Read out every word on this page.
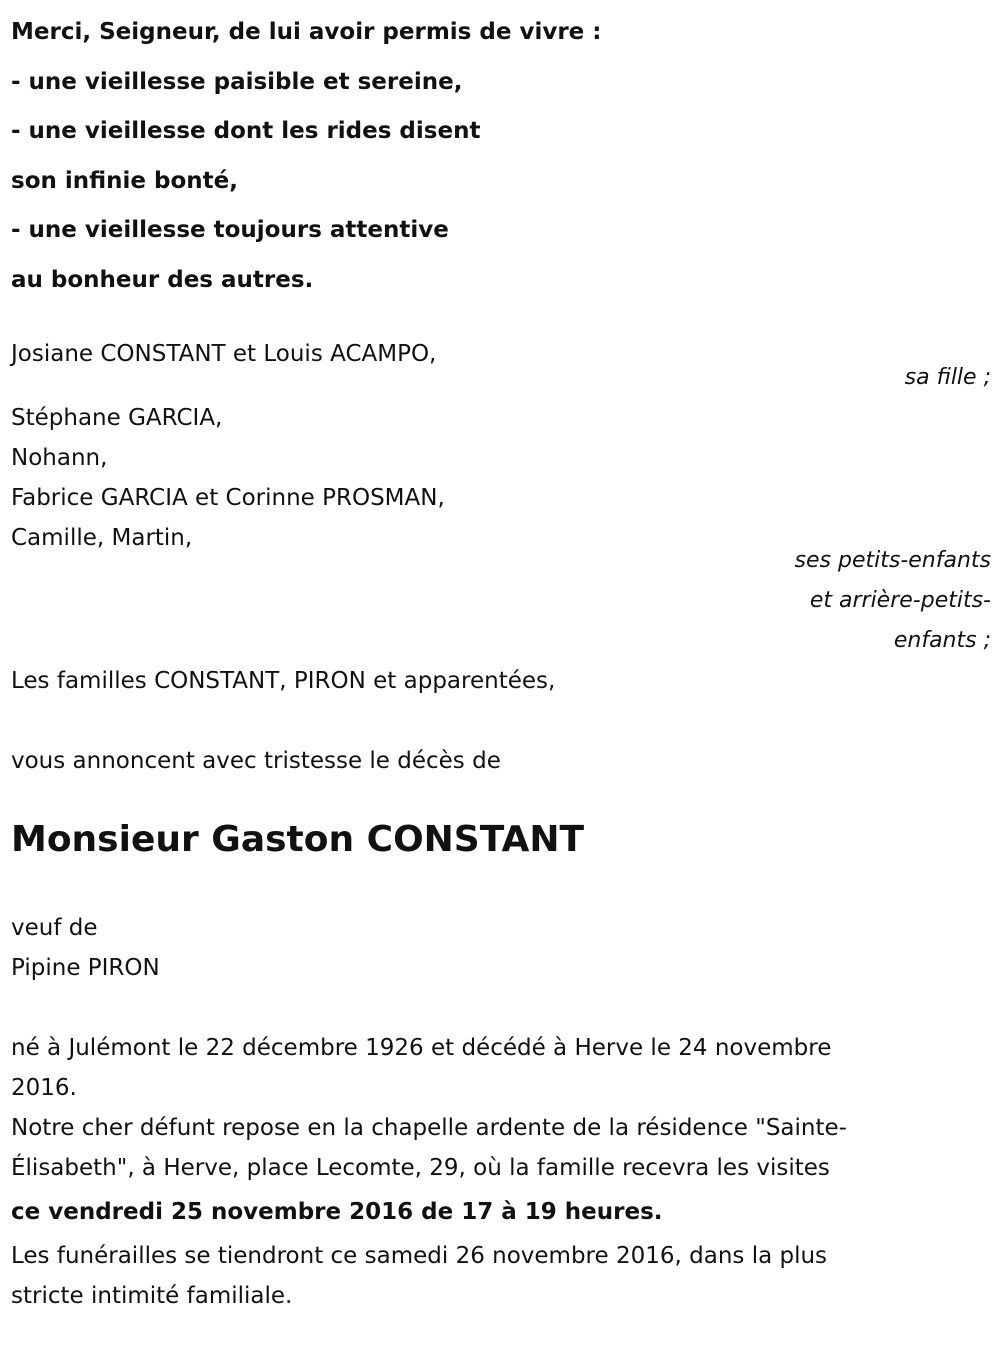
Merci, Seigneur, de lui avoir permis de vivre :

- une vieillesse paisible et sereine,

- une vieillesse dont les rides disent

son infinie bonté,

- une vieillesse toujours attentive

au bonheur des autres.

Josiane CONSTANT et Louis ACAMPO,

sa fille ;

Stéphane GARCIA,

Nohann,

Fabrice GARCIA et Corinne PROSMAN,

Camille, Martin,

ses petits-enfants

et arrière-petits-

enfants ;

Les familles CONSTANT, PIRON et apparentées,

vous annoncent avec tristesse le décès de

Monsieur Gaston CONSTANT

veuf de

Pipine PIRON

né à Julémont le 22 décembre 1926 et décédé à Herve le 24 novembre

2016.

Notre cher défunt repose en la chapelle ardente de la résidence "Sainte-

Élisabeth", à Herve, place Lecomte, 29, où la famille recevra les visites

ce vendredi 25 novembre 2016 de 17 à 19 heures.

Les funérailles se tiendront ce samedi 26 novembre 2016, dans la plus

stricte intimité familiale.
